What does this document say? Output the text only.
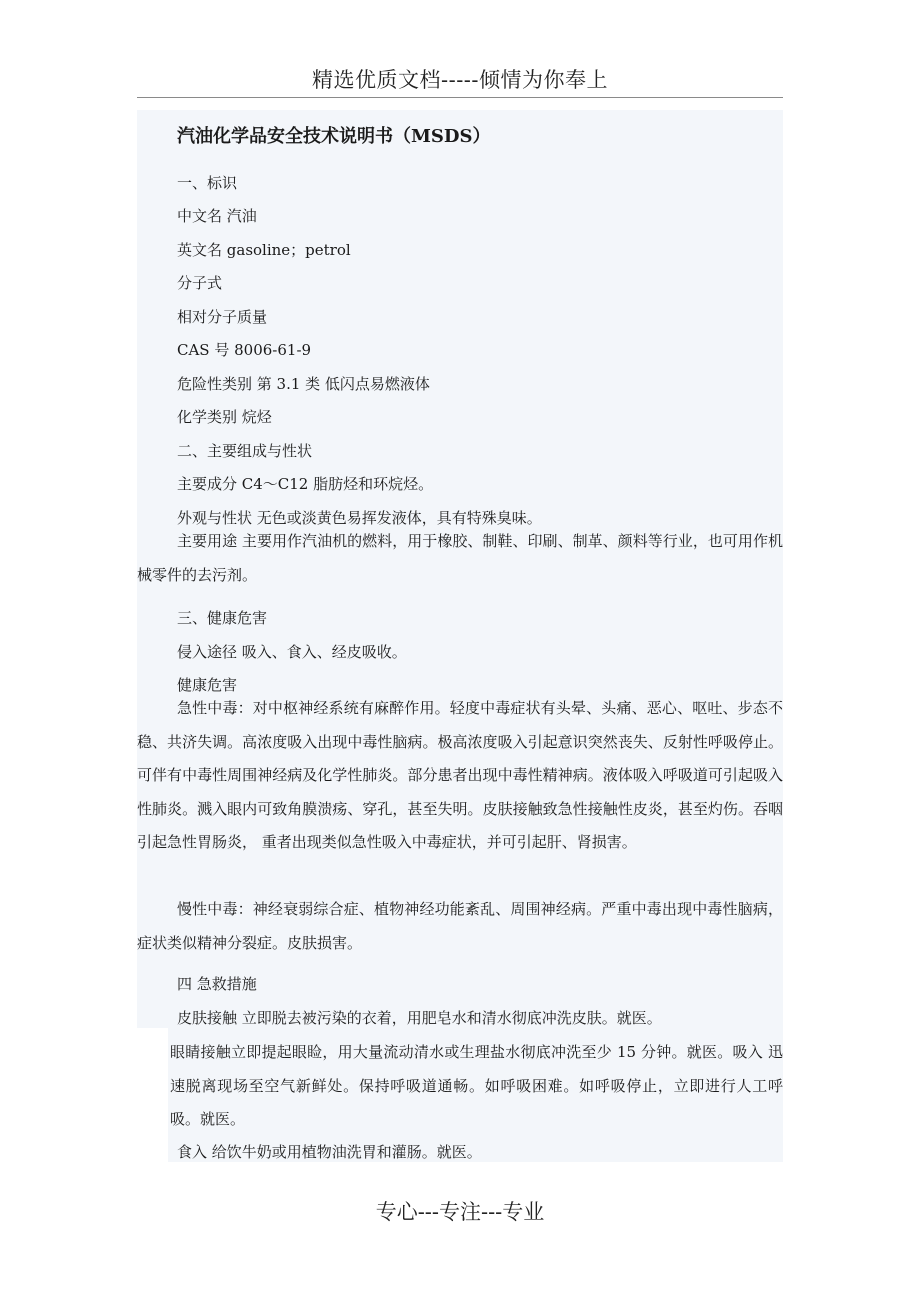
精选优质文档-----倾情为你奉上
汽油化学品安全技术说明书（MSDS）
一、标识
中文名 汽油
英文名 gasoline；petrol
分子式
相对分子质量
CAS 号 8006-61-9
危险性类别 第 3.1 类 低闪点易燃液体
化学类别 烷烃
二、主要组成与性状
主要成分 C4～C12 脂肪烃和环烷烃。
外观与性状 无色或淡黄色易挥发液体，具有特殊臭味。
主要用途 主要用作汽油机的燃料，用于橡胶、制鞋、印刷、制革、颜料等行业，也可用作机械零件的去污剂。
三、健康危害
侵入途径 吸入、食入、经皮吸收。
健康危害
急性中毒：对中枢神经系统有麻醉作用。轻度中毒症状有头晕、头痛、恶心、呕吐、步态不稳、共济失调。高浓度吸入出现中毒性脑病。极高浓度吸入引起意识突然丧失、反射性呼吸停止。可伴有中毒性周围神经病及化学性肺炎。部分患者出现中毒性精神病。液体吸入呼吸道可引起吸入性肺炎。溅入眼内可致角膜溃疡、穿孔，甚至失明。皮肤接触致急性接触性皮炎，甚至灼伤。吞咽引起急性胃肠炎， 重者出现类似急性吸入中毒症状，并可引起肝、肾损害。
慢性中毒：神经衰弱综合症、植物神经功能紊乱、周围神经病。严重中毒出现中毒性脑病，症状类似精神分裂症。皮肤损害。
四 急救措施
皮肤接触 立即脱去被污染的衣着，用肥皂水和清水彻底冲洗皮肤。就医。
眼睛接触立即提起眼睑，用大量流动清水或生理盐水彻底冲洗至少 15 分钟。就医。吸入 迅速脱离现场至空气新鲜处。保持呼吸道通畅。如呼吸困难。如呼吸停止，立即进行人工呼吸。就医。
食入 给饮牛奶或用植物油洗胃和灌肠。就医。
专心---专注---专业
